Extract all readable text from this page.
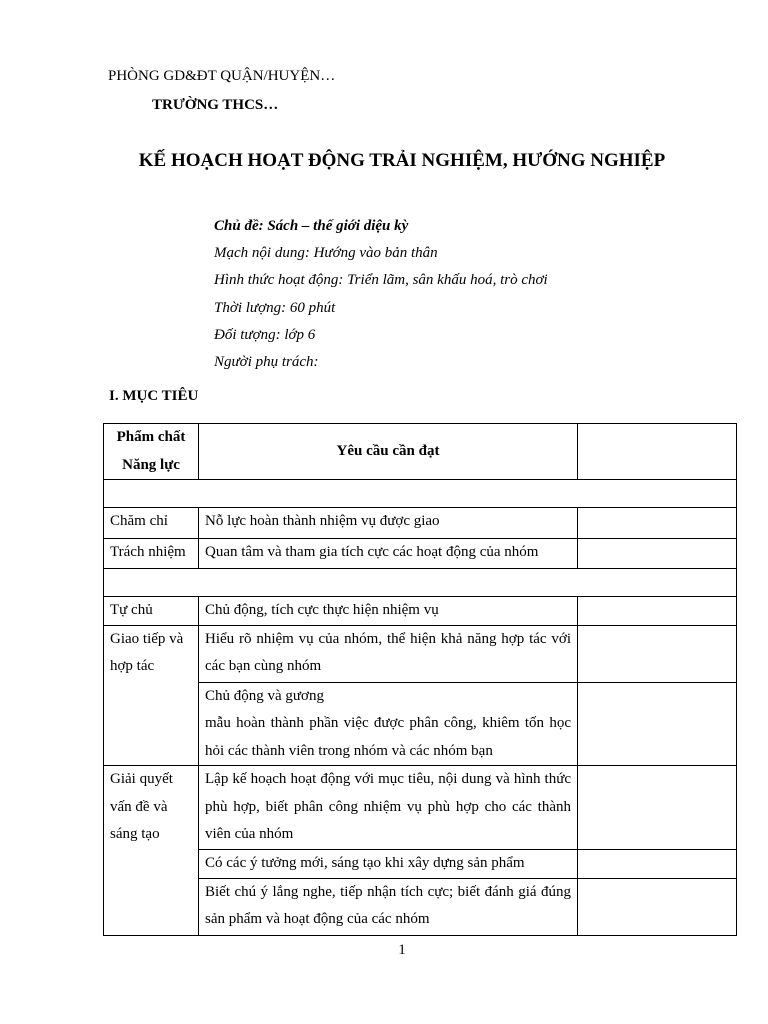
PHÒNG GD&ĐT QUẬN/HUYỆN…
TRƯỜNG THCS…
KẾ HOẠCH HOẠT ĐỘNG TRẢI NGHIỆM, HƯỚNG NGHIỆP
Chủ đề: Sách – thế giới diệu kỳ
Mạch nội dung: Hướng vào bản thân
Hình thức hoạt động: Triển lãm, sân khấu hoá, trò chơi
Thời lượng: 60 phút
Đối tượng: lớp 6
Người phụ trách:
I. MỤC TIÊU
Phẩm chất
Năng lực	Yêu cầu cần đạt	

Chăm chỉ	Nỗ lực hoàn thành nhiệm vụ được giao	
Trách nhiệm	Quan tâm và tham gia tích cực các hoạt động của nhóm	

Tự chủ	Chủ động, tích cực thực hiện nhiệm vụ	
Giao tiếp và hợp tác	Hiểu rõ nhiệm vụ của nhóm, thể hiện khả năng hợp tác với các bạn cùng nhóm	

	Chủ động và gương
mẫu hoàn thành phần việc được phân công, khiêm tốn học hỏi các thành viên trong nhóm và các nhóm bạn	

Giải quyết vấn đề và sáng tạo	Lập kế hoạch hoạt động với mục tiêu, nội dung và hình thức phù hợp, biết phân công nhiệm vụ phù hợp cho các thành viên của nhóm	
	Có các ý tưởng mới, sáng tạo khi xây dựng sản phẩm	
	Biết chú ý lắng nghe, tiếp nhận tích cực; biết đánh giá đúng sản phẩm và hoạt động của các nhóm	
1
